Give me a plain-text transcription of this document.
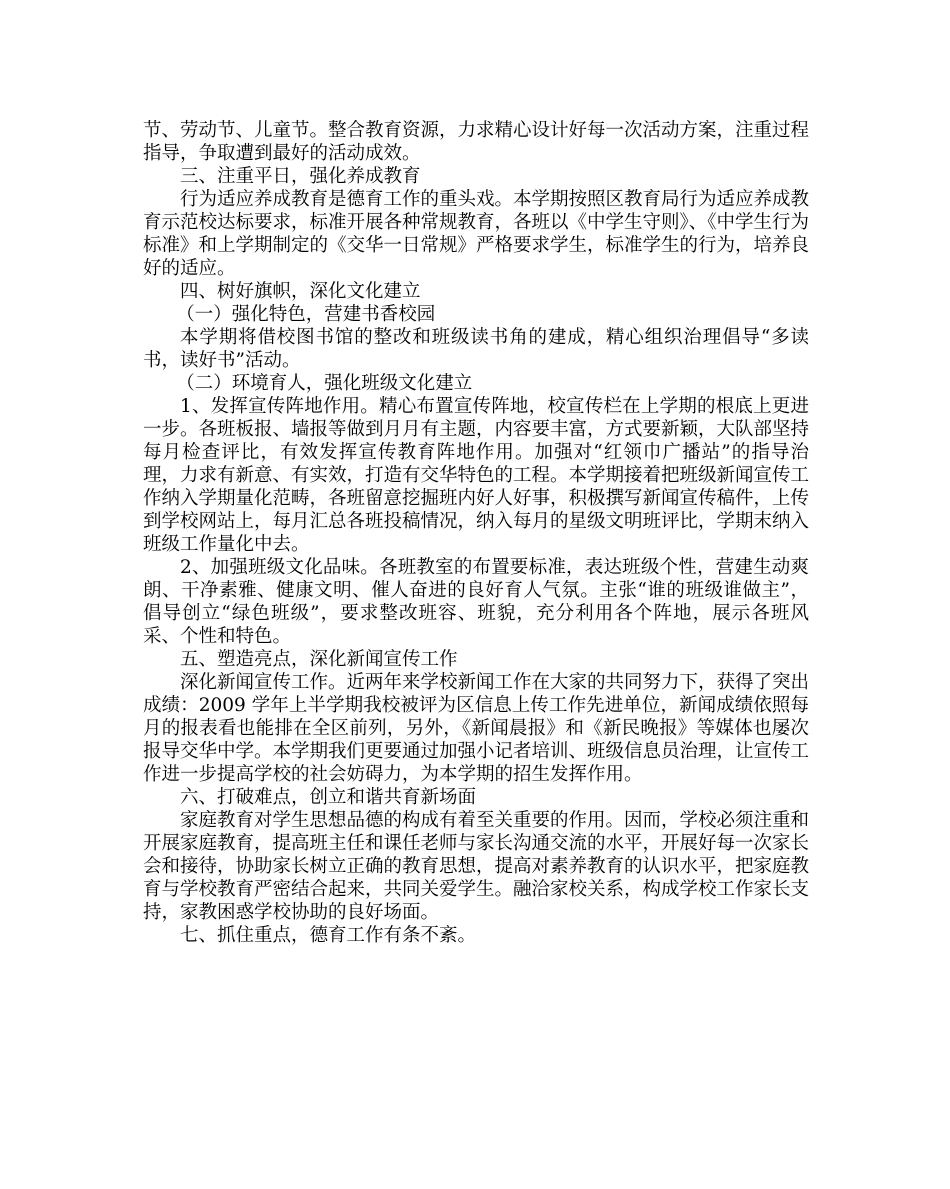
节、劳动节、儿童节。整合教育资源，力求精心设计好每一次活动方案，注重过程指导，争取遭到最好的活动成效。

三、注重平日，强化养成教育

行为适应养成教育是德育工作的重头戏。本学期按照区教育局行为适应养成教育示范校达标要求，标准开展各种常规教育，各班以《中学生守则》、《中学生行为标准》和上学期制定的《交华一日常规》严格要求学生，标准学生的行为，培养良好的适应。

四、树好旗帜，深化文化建立

（一）强化特色，营建书香校园

本学期将借校图书馆的整改和班级读书角的建成，精心组织治理倡导“多读书，读好书”活动。

（二）环境育人，强化班级文化建立

1、发挥宣传阵地作用。精心布置宣传阵地，校宣传栏在上学期的根底上更进一步。各班板报、墙报等做到月月有主题，内容要丰富，方式要新颖，大队部坚持每月检查评比，有效发挥宣传教育阵地作用。加强对“红领巾广播站”的指导治理，力求有新意、有实效，打造有交华特色的工程。本学期接着把班级新闻宣传工作纳入学期量化范畴，各班留意挖掘班内好人好事，积极撰写新闻宣传稿件，上传到学校网站上，每月汇总各班投稿情况，纳入每月的星级文明班评比，学期末纳入班级工作量化中去。

2、加强班级文化品味。各班教室的布置要标准，表达班级个性，营建生动爽朗、干净素雅、健康文明、催人奋进的良好育人气氛。主张“谁的班级谁做主”，倡导创立“绿色班级”，要求整改班容、班貌，充分利用各个阵地，展示各班风采、个性和特色。

五、塑造亮点，深化新闻宣传工作

深化新闻宣传工作。近两年来学校新闻工作在大家的共同努力下，获得了突出成绩：2009 学年上半学期我校被评为区信息上传工作先进单位，新闻成绩依照每月的报表看也能排在全区前列，另外，《新闻晨报》和《新民晚报》等媒体也屡次报导交华中学。本学期我们更要通过加强小记者培训、班级信息员治理，让宣传工作进一步提高学校的社会妨碍力，为本学期的招生发挥作用。

六、打破难点，创立和谐共育新场面

家庭教育对学生思想品德的构成有着至关重要的作用。因而，学校必须注重和开展家庭教育，提高班主任和课任老师与家长沟通交流的水平，开展好每一次家长会和接待，协助家长树立正确的教育思想，提高对素养教育的认识水平，把家庭教育与学校教育严密结合起来，共同关爱学生。融洽家校关系，构成学校工作家长支持，家教困惑学校协助的良好场面。

七、抓住重点，德育工作有条不紊。
